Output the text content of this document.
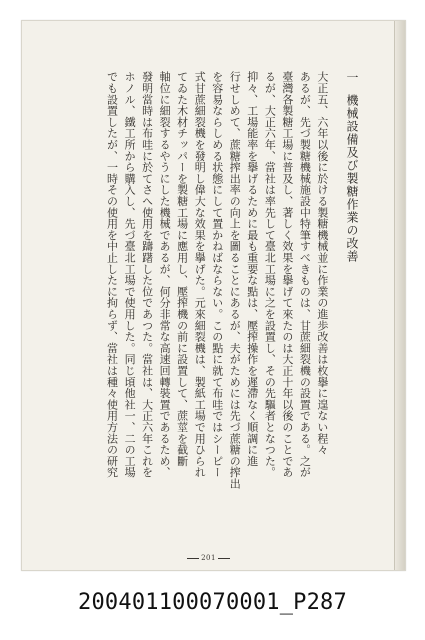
一機械設備及び製糖作業の改善
大正五、六年以後に於ける製糖機械並に作業の進歩改善は枚擧に遑ない程々
あるが、先づ製糖機械施設中特筆すべきものは、甘蔗細裂機の設置である。之が
臺灣各製糖工場に普及し、著しく效果を擧げて來たのは大正十年以後のことであ
るが、大正六年、當社は率先して臺北工場に之を設置し、その先驅者となつた。
抑々、工場能率を擧げるために最も重要な點は、壓搾操作を遲滯なく順調に進
行せしめて、蔗糖搾出率の向上を圖ることにあるが、夫がためには先づ蔗糖の搾出
を容易ならしめる状態にして置かねばならない。この點に就て布哇ではシーピー
式甘蔗細裂機を發明し偉大な效果を擧げた。元來細裂機は、製紙工場で用ひられ
てゐた木材チッパーを製糖工場に應用し、壓搾機の前に設置して、蔗莖を截斷
軸位に細裂するやうにした機械であるが、何分非常な高速回轉裝置であるため、
發明當時は布哇に於てさへ使用を躊躇した位であつた。當社は、大正六年これを
ホノル、鐵工所から購入し、先づ臺北工場で使用した。同じ頃他社一、二の工場
でも設置したが、一時その使用を中止したに拘らず、當社は種々使用方法の研究
201
200401100070001_P287
